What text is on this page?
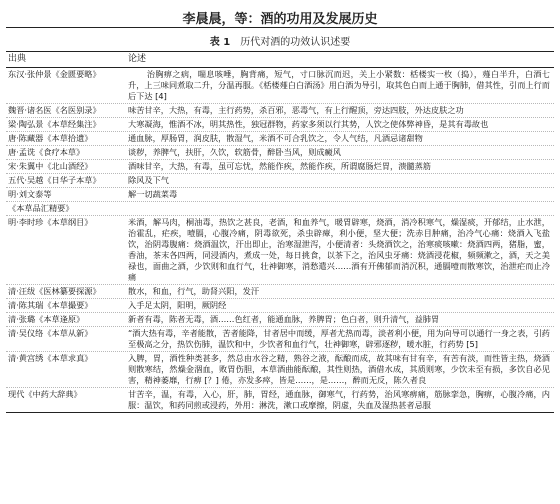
李晨晨，等：酒的功用及发展历史
表 1 历代对酒的功效认识述要
出典	论述
东汉·张仲景《金匮要略》	治胸痹之病，喘息咳唾，胸背痛，短气，寸口脉沉而迟，关上小紧数：栝楼实一枚（捣），薤白半升，白酒七升，上三味同煮取二升，分温再服。《栝楼薤白白酒汤》用白酒为导引，取其色白而上通于胸肺，借其性，引而上行而后下达 [4]
魏晋·诸名医《名医别录》	味苦甘辛，大热，有毒，主行药势，杀百邪，恶毒气，有上行醒顶，旁达四肢，外达皮肤之功
梁·陶弘景《本草经集注》	大寒凝海，惟酒不冰，明其热性，独冠群物，药家多须以行其势，人饮之使体弊神昏，是其有毒故也
唐·陈藏器《本草拾遗》	通血脉，厚肠胃，润皮肤，散湿气，米酒不可合乳饮之，令人气结，凡酒忌诸甜物
唐·孟诜《食疗本草》	谈秽，养脾气，扶肝，久饮，软筋骨，醉卧当风，则成癜风
宋·朱翼中《北山酒经》	酒味甘辛，大热，有毒，虽可忘忧，然能作疾，然能作疾，所谓腐肠烂胃，溃髓蒸筋
五代·吴越《日华子本草》	除风及下气
明·刘文泰等	解一切蔬菜毒
《本草品汇精要》
明·李时珍《本草纲目》	米酒，解马肉，桐油毒，热饮之甚良，老酒，和血养气，暖胃辟寒，烧酒，消冷积寒气，燥湿痰，开郁结，止水泄，治霍乱，疟疾，噎膈，心腹冷痛，阴毒欲死，杀虫辟瘴，利小便，坚大便；洗赤目肿痛，治冷气心痛：烧酒入飞盐饮，治阴毒腹痛：烧酒温饮，汗出即止，治寒湿泄泻，小便清者：头烧酒饮之，治寒痰咳嗽：烧酒四两，猪脂，蜜，香油，茶末各四两，同浸酒内，煮成一处，每日挑食，以茶下之，治风虫牙痛：烧酒浸花椒，频频漱之，酒，天之美禄也，面曲之酒，少饮则和血行气，壮神御寒，消愁遣兴……酒有开佛郁而消沉积，通膈噎而散寒饮，治泄疟而止冷痛
清·汪绂《医林纂要探源》	散水，和血，行气，助肾兴阳，发汗
清·陈其瑞《本草撮要》	入手足太阴，阳明，厥阴经
清·张璐《本草逢原》	新者有毒，陈者无毒，酒……色红者，能通血脉，养脾胃；色白者，则升清气，益肺胃
清·吴仪络《本草从新》	“酒大热有毒，辛者能散，苦者能降，甘者居中而缓，厚者尤热而毒，淡者利小便，用为向导可以通行一身之表，引药至极高之分，热饮伤肺，温饮和中，少饮者和血行气，壮神御寒，辟邪逐秽，暖水脏，行药势 [5]
清·黄宫绣《本草求真》	入脾，胃，酒性种类甚多，然总由水谷之精，熟谷之液，酝酿而成，故其味有甘有辛，有苦有淡，而性皆主热，烧酒则散寒结，然燥金涸血，败胃伤胆，本草酒曲能酝酿，其性则热，酒借水成，其质则寒，少饮未至有损，多饮自必见害，精神萎靡，行痹 [？] 倦，亦发多瘁，皆是……，是……，醉而无反，陈久者良
现代《中药大辞典》	甘苦辛，温，有毒，入心，肝，肺，胃经，通血脉，御寒气，行药势，治风寒痹痛，筋脉挛急，胸痹，心腹冷痛，内服：温饮，和药同煎或浸药，外用：淋洗，漱口或摩擦，阴虚，失血及湿热甚者忌服
